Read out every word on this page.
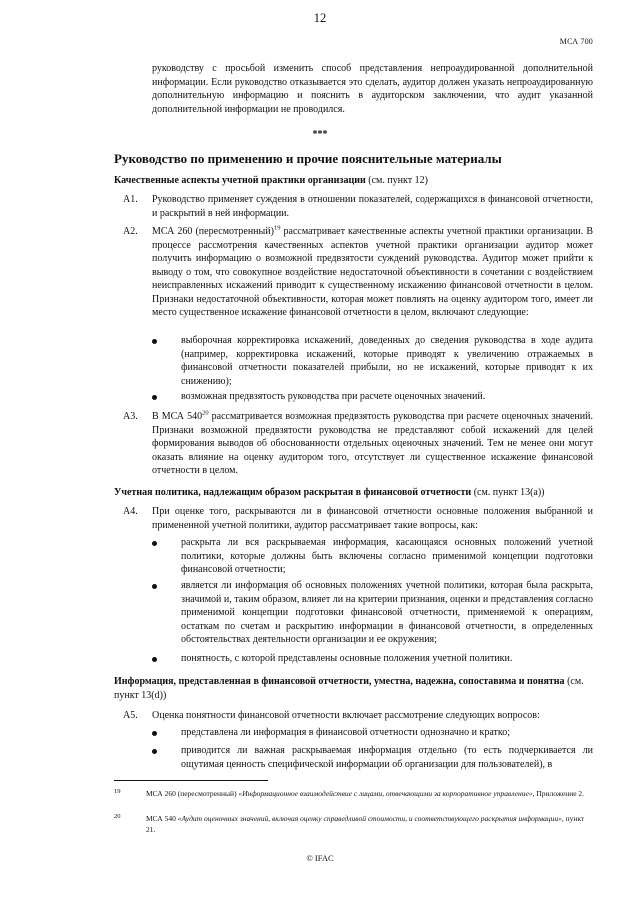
12
МСА 700

руководству с просьбой изменить способ представления непроаудированной дополнительной информации. Если руководство отказывается это сделать, аудитор должен указать непроаудированную дополнительную информацию и пояснить в аудиторском заключении, что аудит указанной дополнительной информации не проводился.

***
Руководство по применению и прочие пояснительные материалы
Качественные аспекты учетной практики организации (см. пункт 12)
A1. Руководство применяет суждения в отношении показателей, содержащихся в финансовой отчетности, и раскрытий в ней информации.

A2. МСА 260 (пересмотренный)$^{19}$ рассматривает качественные аспекты учетной практики организации. В процессе рассмотрения качественных аспектов учетной практики организации аудитор может получить информацию о возможной предвзятости суждений руководства. Аудитор может прийти к выводу о том, что совокупное воздействие недостаточной объективности в сочетании с воздействием неисправленных искажений приводит к существенному искажению финансовой отчетности в целом. Признаки недостаточной объективности, которая может повлиять на оценку аудитором того, имеет ли место существенное искажение финансовой отчетности в целом, включают следующие:

выборочная корректировка искажений, доведенных до сведения руководства в ходе аудита (например, корректировка искажений, которые приводят к увеличению отражаемых в финансовой отчетности показателей прибыли, но не искажений, которые приводят к их снижению);

возможная предвзятость руководства при расчете оценочных значений.

A3. В МСА $540^{20}$ рассматривается возможная предвзятость руководства при расчете оценочных значений. Признаки возможной предвзятости руководства не представляют собой искажений для целей формирования выводов об обоснованности отдельных оценочных значений. Тем не менее они могут оказать влияние на оценку аудитором того, отсутствует ли существенное искажение финансовой отчетности в целом.

Учетная политика, надлежащим образом раскрытая в финансовой отчетности (см. пункт 13(a))
A4. При оценке того, раскрываются ли в финансовой отчетности основные положения выбранной и примененной учетной политики, аудитор рассматривает такие вопросы, как:

раскрыта ли вся раскрываемая информация, касающаяся основных положений учетной политики, которые должны быть включены согласно применимой концепции подготовки финансовой отчетности;

является ли информация об основных положениях учетной политики, которая была раскрыта, значимой и, таким образом, влияет ли на критерии признания, оценки и представления согласно применимой концепции подготовки финансовой отчетности, применяемой к операциям, остаткам по счетам и раскрытию информации в финансовой отчетности, в определенных обстоятельствах деятельности организации и ее окружения;

понятность, с которой представлены основные положения учетной политики.

Информация, представленная в финансовой отчетности, уместна, надежна, сопоставима и понятна (см. пункт 13(d))
A5. Оценка понятности финансовой отчетности включает рассмотрение следующих вопросов:

представлена ли информация в финансовой отчетности однозначно и кратко;

приводится ли важная раскрываемая информация отдельно (то есть подчеркивается ли ощутимая ценность специфической информации об организации для пользователей), в

19	МСА 260 (пересмотренный) «Информационное взаимодействие с лицами, отвечающими за корпоративное управление», Приложение 2.

20	МСА 540 «Аудит оценочных значений, включая оценку справедливой стоимости, и соответствующего раскрытия информации», пункт 21.

© IFAC
